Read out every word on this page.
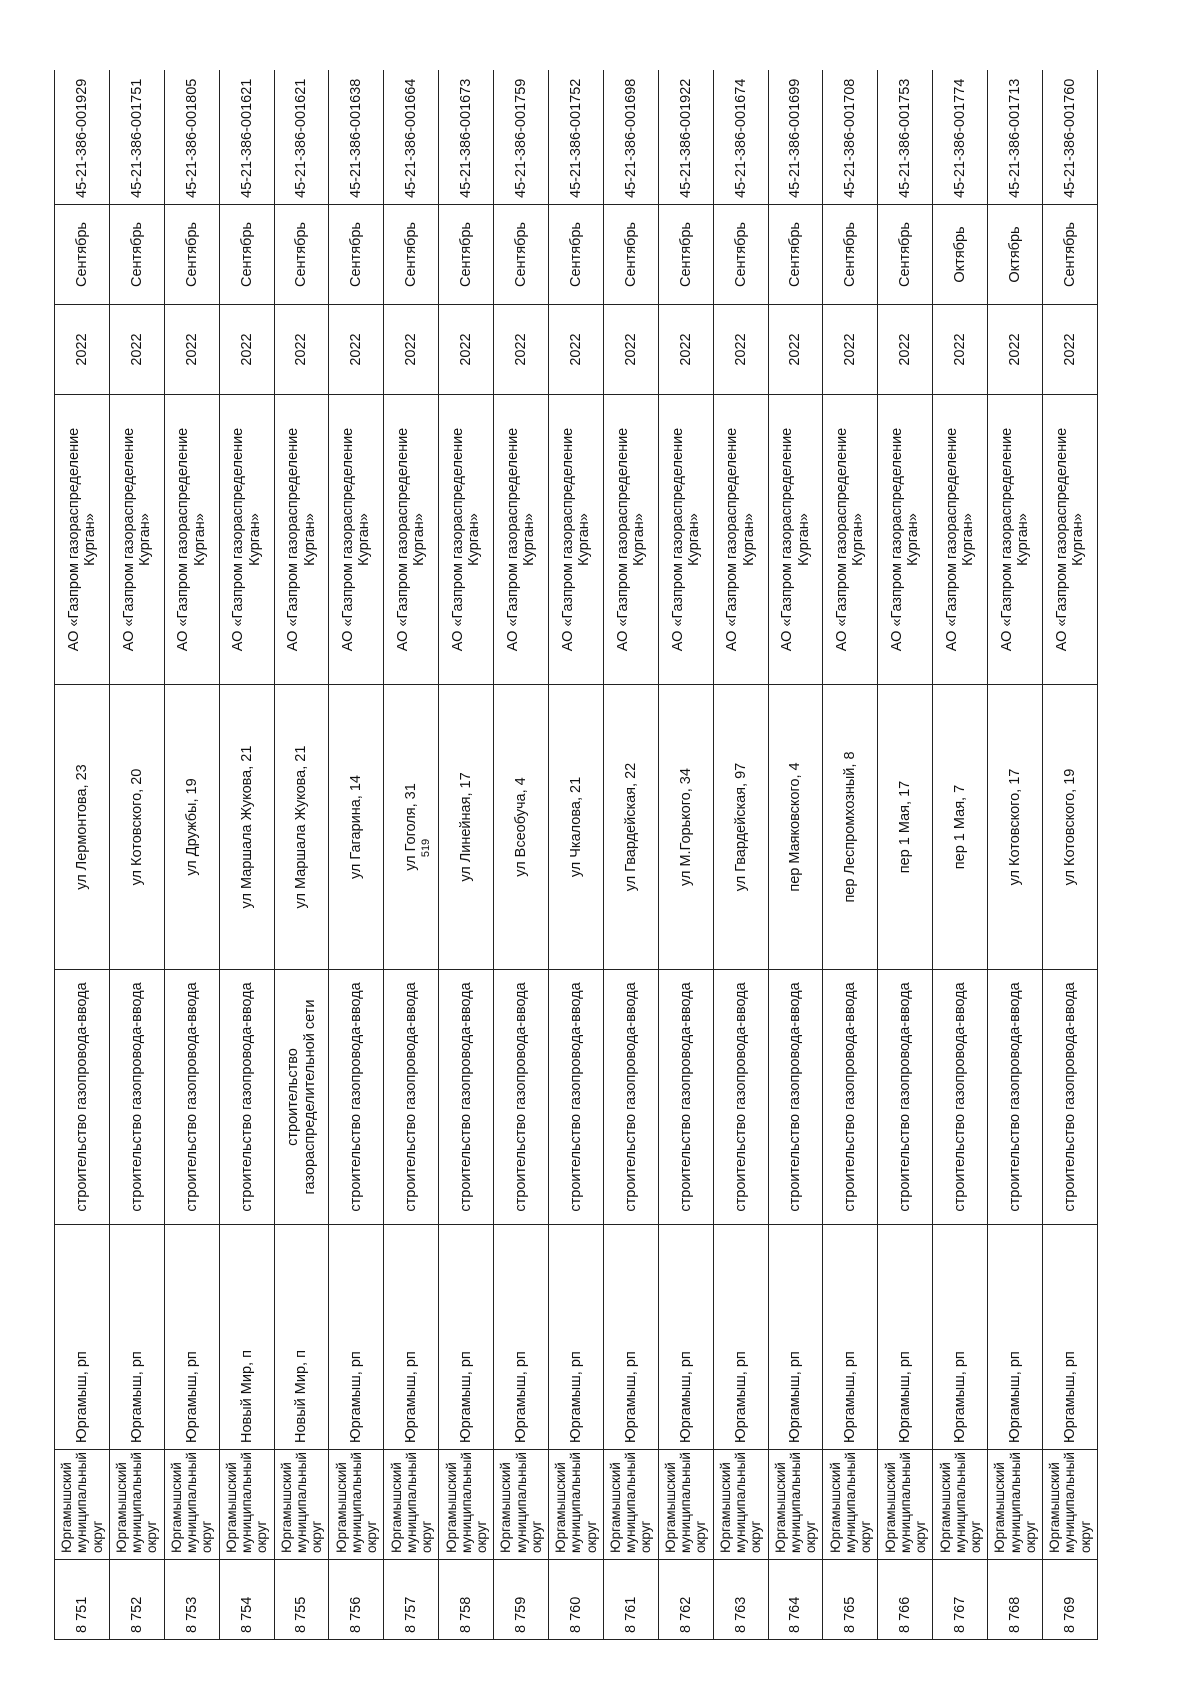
519
8 751	Юргамышский муниципальный округ	Юргамыш, рп	строительство газопровода-ввода	ул Лермонтова, 23	АО «Газпром газораспределение Курган»	2022	Сентябрь	45-21-386-001929
8 752	Юргамышский муниципальный округ	Юргамыш, рп	строительство газопровода-ввода	ул Котовского, 20	АО «Газпром газораспределение Курган»	2022	Сентябрь	45-21-386-001751
8 753	Юргамышский муниципальный округ	Юргамыш, рп	строительство газопровода-ввода	ул Дружбы, 19	АО «Газпром газораспределение Курган»	2022	Сентябрь	45-21-386-001805
8 754	Юргамышский муниципальный округ	Новый Мир, п	строительство газопровода-ввода	ул Маршала Жукова, 21	АО «Газпром газораспределение Курган»	2022	Сентябрь	45-21-386-001621
8 755	Юргамышский муниципальный округ	Новый Мир, п	строительство газораспределительной сети	ул Маршала Жукова, 21	АО «Газпром газораспределение Курган»	2022	Сентябрь	45-21-386-001621
8 756	Юргамышский муниципальный округ	Юргамыш, рп	строительство газопровода-ввода	ул Гагарина, 14	АО «Газпром газораспределение Курган»	2022	Сентябрь	45-21-386-001638
8 757	Юргамышский муниципальный округ	Юргамыш, рп	строительство газопровода-ввода	ул Гоголя, 31	АО «Газпром газораспределение Курган»	2022	Сентябрь	45-21-386-001664
8 758	Юргамышский муниципальный округ	Юргамыш, рп	строительство газопровода-ввода	ул Линейная, 17	АО «Газпром газораспределение Курган»	2022	Сентябрь	45-21-386-001673
8 759	Юргамышский муниципальный округ	Юргамыш, рп	строительство газопровода-ввода	ул Всеобуча, 4	АО «Газпром газораспределение Курган»	2022	Сентябрь	45-21-386-001759
8 760	Юргамышский муниципальный округ	Юргамыш, рп	строительство газопровода-ввода	ул Чкалова, 21	АО «Газпром газораспределение Курган»	2022	Сентябрь	45-21-386-001752
8 761	Юргамышский муниципальный округ	Юргамыш, рп	строительство газопровода-ввода	ул Гвардейская, 22	АО «Газпром газораспределение Курган»	2022	Сентябрь	45-21-386-001698
8 762	Юргамышский муниципальный округ	Юргамыш, рп	строительство газопровода-ввода	ул М.Горького, 34	АО «Газпром газораспределение Курган»	2022	Сентябрь	45-21-386-001922
8 763	Юргамышский муниципальный округ	Юргамыш, рп	строительство газопровода-ввода	ул Гвардейская, 97	АО «Газпром газораспределение Курган»	2022	Сентябрь	45-21-386-001674
8 764	Юргамышский муниципальный округ	Юргамыш, рп	строительство газопровода-ввода	пер Маяковского, 4	АО «Газпром газораспределение Курган»	2022	Сентябрь	45-21-386-001699
8 765	Юргамышский муниципальный округ	Юргамыш, рп	строительство газопровода-ввода	пер Леспромхозный, 8	АО «Газпром газораспределение Курган»	2022	Сентябрь	45-21-386-001708
8 766	Юргамышский муниципальный округ	Юргамыш, рп	строительство газопровода-ввода	пер 1 Мая, 17	АО «Газпром газораспределение Курган»	2022	Сентябрь	45-21-386-001753
8 767	Юргамышский муниципальный округ	Юргамыш, рп	строительство газопровода-ввода	пер 1 Мая, 7	АО «Газпром газораспределение Курган»	2022	Октябрь	45-21-386-001774
8 768	Юргамышский муниципальный округ	Юргамыш, рп	строительство газопровода-ввода	ул Котовского, 17	АО «Газпром газораспределение Курган»	2022	Октябрь	45-21-386-001713
8 769	Юргамышский муниципальный округ	Юргамыш, рп	строительство газопровода-ввода	ул Котовского, 19	АО «Газпром газораспределение Курган»	2022	Сентябрь	45-21-386-001760
